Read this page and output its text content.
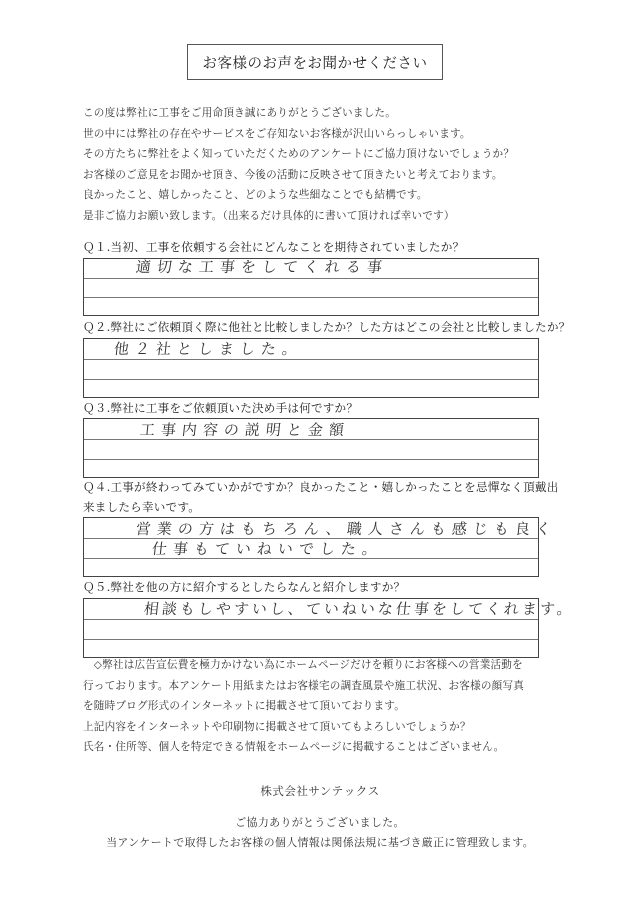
お客様のお声をお聞かせください
この度は弊社に工事をご用命頂き誠にありがとうございました。
世の中には弊社の存在やサービスをご存知ないお客様が沢山いらっしゃいます。
その方たちに弊社をよく知っていただくためのアンケートにご協力頂けないでしょうか？
お客様のご意見をお聞かせ頂き、今後の活動に反映させて頂きたいと考えております。
良かったこと、嬉しかったこと、どのような些細なことでも結構です。
是非ご協力お願い致します。（出来るだけ具体的に書いて頂ければ幸いです）
Ｑ１.当初、工事を依頼する会社にどんなことを期待されていましたか？
適切な工事をしてくれる事
Ｑ２.弊社にご依頼頂く際に他社と比較しましたか？した方はどこの会社と比較しましたか？
他２社としました。
Ｑ３.弊社に工事をご依頼頂いた決め手は何ですか？
工事内容の説明と金額
Ｑ４.工事が終わってみていかがですか？良かったこと・嬉しかったことを忌憚なく頂戴出
来ましたら幸いです。
営業の方はもちろん、職人さんも感じも良く
仕事もていねいでした。
Ｑ５.弊社を他の方に紹介するとしたらなんと紹介しますか？
相談もしやすいし、ていねいな仕事をしてくれます。
　◇弊社は広告宣伝費を極力かけない為にホームページだけを頼りにお客様への営業活動を
行っております。本アンケート用紙またはお客様宅の調査風景や施工状況、お客様の顔写真
を随時ブログ形式のインターネットに掲載させて頂いております。
上記内容をインターネットや印刷物に掲載させて頂いてもよろしいでしょうか？
氏名・住所等、個人を特定できる情報をホームページに掲載することはございません。
株式会社サンテックス
ご協力ありがとうございました。
当アンケートで取得したお客様の個人情報は関係法規に基づき厳正に管理致します。
